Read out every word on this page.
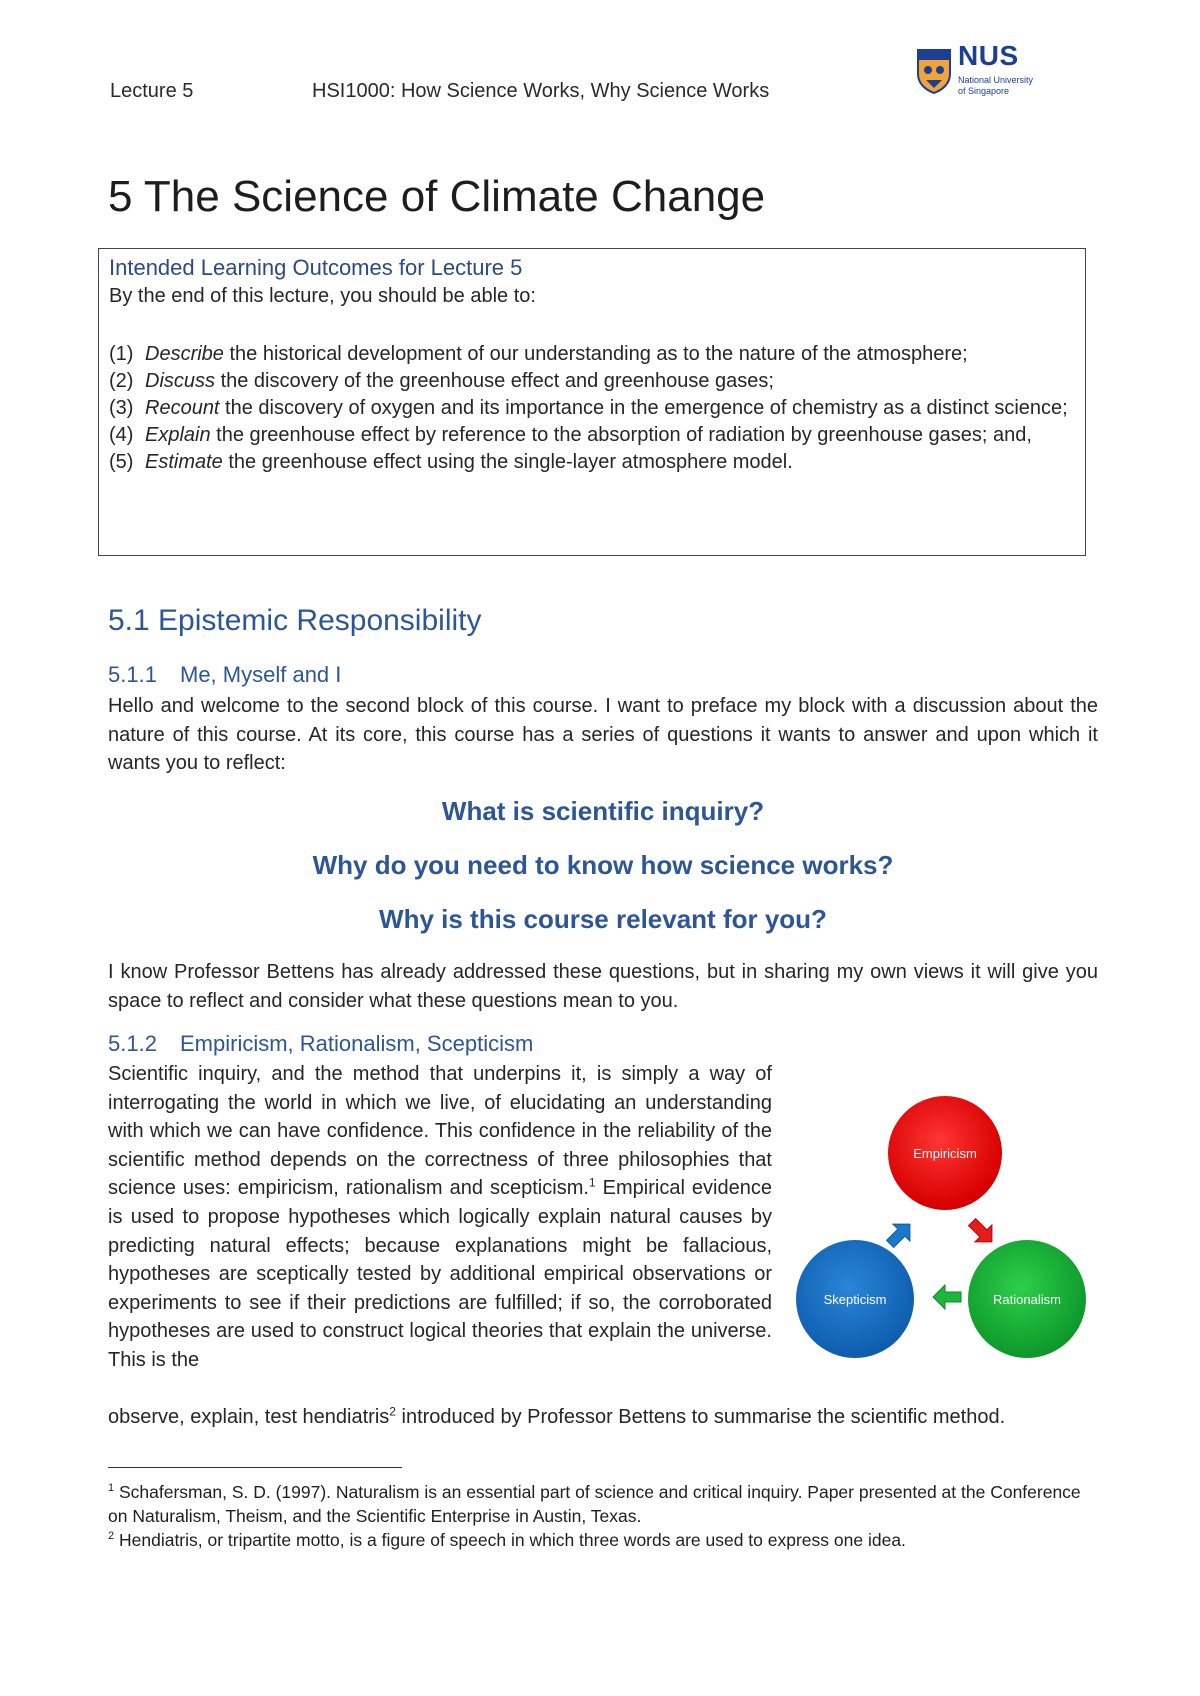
Lecture 5	HSI1000: How Science Works, Why Science Works
NUS
National University of Singapore
5 The Science of Climate Change
Intended Learning Outcomes for Lecture 5
By the end of this lecture, you should be able to:
(1) Describe the historical development of our understanding as to the nature of the atmosphere;
(2) Discuss the discovery of the greenhouse effect and greenhouse gases;
(3) Recount the discovery of oxygen and its importance in the emergence of chemistry as a distinct science;
(4) Explain the greenhouse effect by reference to the absorption of radiation by greenhouse gases; and,
(5) Estimate the greenhouse effect using the single-layer atmosphere model.
5.1 Epistemic Responsibility
5.1.1 Me, Myself and I

Hello and welcome to the second block of this course. I want to preface my block with a discussion about the nature of this course. At its core, this course has a series of questions it wants to answer and upon which it wants you to reflect:

What is scientific inquiry?
Why do you need to know how science works?
Why is this course relevant for you?

I know Professor Bettens has already addressed these questions, but in sharing my own views it will give you space to reflect and consider what these questions mean to you.

5.1.2 Empiricism, Rationalism, Scepticism

Scientific inquiry, and the method that underpins it, is simply a way of interrogating the world in which we live, of elucidating an understanding with which we can have confidence. This confidence in the reliability of the scientific method depends on the correctness of three philosophies that science uses: empiricism, rationalism and scepticism.$^1$ Empirical evidence is used to propose hypotheses which logically explain natural causes by predicting natural effects; because explanations might be fallacious, hypotheses are sceptically tested by additional empirical observations or experiments to see if their predictions are fulfilled; if so, the corroborated hypotheses are used to construct logical theories that explain the universe. This is the

observe, explain, test hendiatris$^2$ introduced by Professor Bettens to summarise the scientific method.

Empiricism
Rationalism
Skepticism

$^1$ Schafersman, S. D. (1997). Naturalism is an essential part of science and critical inquiry. Paper presented at the Conference on Naturalism, Theism, and the Scientific Enterprise in Austin, Texas.

$^2$ Hendiatris, or tripartite motto, is a figure of speech in which three words are used to express one idea.
